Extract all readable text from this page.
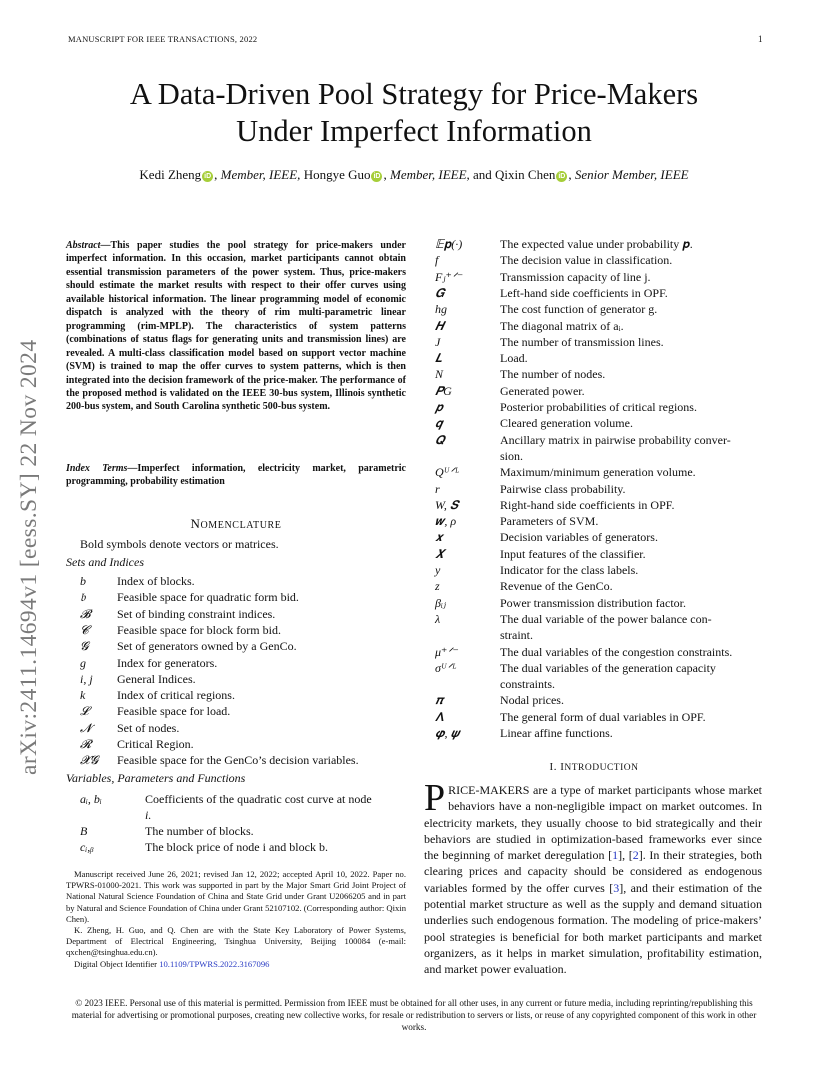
MANUSCRIPT FOR IEEE TRANSACTIONS, 2022	1
arXiv:2411.14694v1 [eess.SY] 22 Nov 2024
A Data-Driven Pool Strategy for Price-Makers
Under Imperfect Information
Kedi Zheng iD , Member, IEEE, Hongye Guo iD , Member, IEEE, and Qixin Chen iD , Senior Member, IEEE
Abstract—This paper studies the pool strategy for price-makers under imperfect information. In this occasion, market participants cannot obtain essential transmission parameters of the power system. Thus, price-makers should estimate the market results with respect to their offer curves using available historical information. The linear programming model of economic dispatch is analyzed with the theory of rim multi-parametric linear programming (rim-MPLP). The characteristics of system patterns (combinations of status flags for generating units and transmission lines) are revealed. A multi-class classification model based on support vector machine (SVM) is trained to map the offer curves to system patterns, which is then integrated into the decision framework of the price-maker. The performance of the proposed method is validated on the IEEE 30-bus system, Illinois synthetic 200-bus system, and South Carolina synthetic 500-bus system.
Index Terms—Imperfect information, electricity market, parametric programming, probability estimation
NOMENCLATURE
Bold symbols denote vectors or matrices.
Sets and Indices
b	Index of blocks.
𝔟	Feasible space for quadratic form bid.
𝓑 Set of binding constraint indices.
𝓒 Feasible space for block form bid.
𝓖 Set of generators owned by a GenCo.
g	Index for generators.
i, j General Indices.
k	Index of critical regions.
𝓛 Feasible space for load.
𝓝 Set of nodes.
𝓡 Critical Region.
𝓧𝓖 Feasible space for the GenCo’s decision variables.
Variables, Parameters and Functions
aᵢ, bᵢ	Coefficients of the quadratic cost curve at node
i.
B	The number of blocks.
cᵢ,ᵦ	The block price of node i and block b.

Manuscript received June 26, 2021; revised Jan 12, 2022; accepted April 10, 2022. Paper no. TPWRS-01000-2021. This work was supported in part by the Major Smart Grid Joint Project of National Natural Science Foundation of China and State Grid under Grant U2066205 and in part by Natural and Science Foundation of China under Grant 52107102. (Corresponding author: Qixin Chen).

K. Zheng, H. Guo, and Q. Chen are with the State Key Laboratory of Power Systems, Department of Electrical Engineering, Tsinghua University, Beijing 100084 (e-mail: qxchen@tsinghua.edu.cn).

Digital Object Identifier 10.1109/TPWRS.2022.3167096

𝔼𝐩(·)	The expected value under probability 𝒑.
f	The decision value in classification.
Fⱼ⁺ᐟ⁻	Transmission capacity of line j.
𝑮	Left-hand side coefficients in OPF.
hg	The cost function of generator g.
𝑯	The diagonal matrix of aᵢ.
J	The number of transmission lines.
𝑳	Load.
N	The number of nodes.
𝑷G	Generated power.
𝒑	Posterior probabilities of critical regions.
𝒒	Cleared generation volume.
𝑸	Ancillary matrix in pairwise probability conver-
sion.
Qᵁᐟᴸ	Maximum/minimum generation volume.
r	Pairwise class probability.
W, 𝑺	Right-hand side coefficients in OPF.
𝒘, ρ	Parameters of SVM.
𝒙	Decision variables of generators.
𝑿	Input features of the classifier.
y	Indicator for the class labels.
z	Revenue of the GenCo.
βᵢⱼ	Power transmission distribution factor.
λ	The dual variable of the power balance con-
straint.
μ⁺ᐟ⁻	The dual variables of the congestion constraints.
σᵁᐟᴸ	The dual variables of the generation capacity
constraints.
𝝅	Nodal prices.
𝚲	The general form of dual variables in OPF.
𝝋, 𝝍	Linear affine functions.
I. INTRODUCTION
PRICE-MAKERS are a type of market participants whose market behaviors have a non-negligible impact on market outcomes. In electricity markets, they usually choose to bid strategically and their behaviors are studied in optimization-based frameworks ever since the beginning of market deregulation [1], [2]. In their strategies, both clearing prices and capacity should be considered as endogenous variables formed by the offer curves [3], and their estimation of the potential market structure as well as the supply and demand situation underlies such endogenous formation. The modeling of price-makers’ pool strategies is beneficial for both market participants and market organizers, as it helps in market simulation, profitability estimation, and market power evaluation.
© 2023 IEEE. Personal use of this material is permitted. Permission from IEEE must be obtained for all other uses, in any current or future media, including reprinting/republishing this material for advertising or promotional purposes, creating new collective works, for resale or redistribution to servers or lists, or reuse of any copyrighted component of this work in other works.
